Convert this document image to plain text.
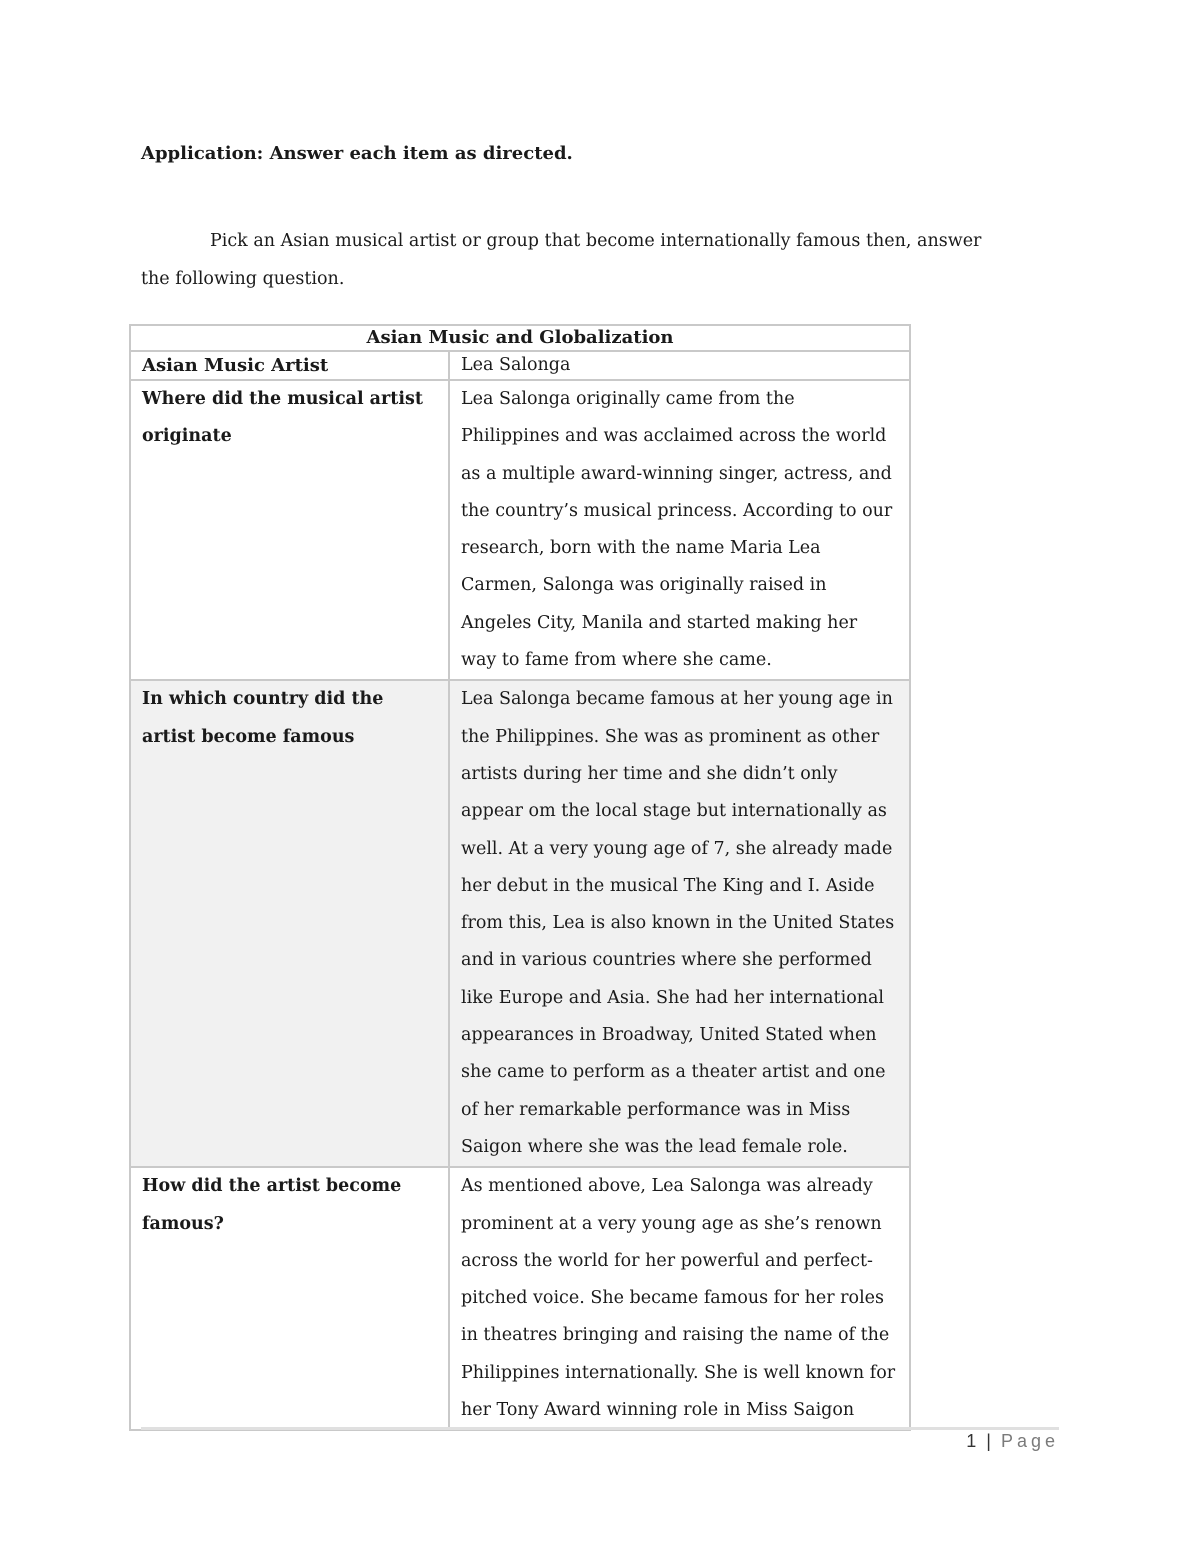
Application: Answer each item as directed.

Pick an Asian musical artist or group that become internationally famous then, answer the following question.

Asian Music and Globalization	
Asian Music Artist	Lea Salonga
Where did the musical artist originate	Lea Salonga originally came from the Philippines and was acclaimed across the world as a multiple award-winning singer, actress, and the country’s musical princess. According to our research, born with the name Maria Lea Carmen, Salonga was originally raised in Angeles City, Manila and started making her way to fame from where she came.
In which country did the artist become famous	Lea Salonga became famous at her young age in the Philippines. She was as prominent as other artists during her time and she didn’t only appear om the local stage but internationally as well. At a very young age of 7, she already made her debut in the musical The King and I. Aside from this, Lea is also known in the United States and in various countries where she performed like Europe and Asia. She had her international appearances in Broadway, United Stated when she came to perform as a theater artist and one of her remarkable performance was in Miss Saigon where she was the lead female role.
How did the artist become famous?	As mentioned above, Lea Salonga was already prominent at a very young age as she’s renown across the world for her powerful and perfect-pitched voice. She became famous for her roles in theatres bringing and raising the name of the Philippines internationally. She is well known for her Tony Award winning role in Miss Saigon
1 | Page
